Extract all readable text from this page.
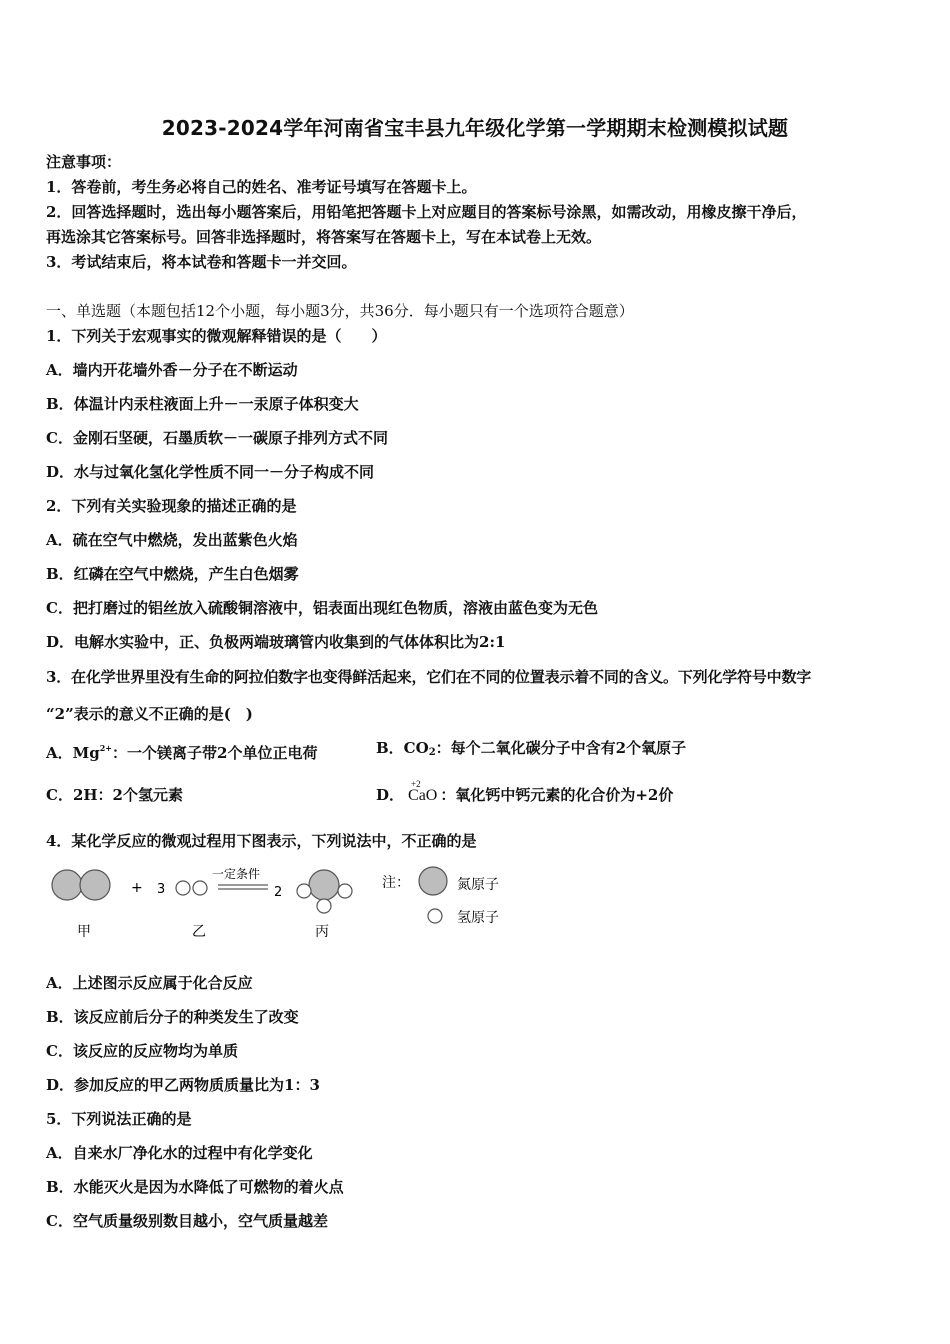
2023-2024学年河南省宝丰县九年级化学第一学期期末检测模拟试题
注意事项：
1．答卷前，考生务必将自己的姓名、准考证号填写在答题卡上。
2．回答选择题时，选出每小题答案后，用铅笔把答题卡上对应题目的答案标号涂黑，如需改动，用橡皮擦干净后，
再选涂其它答案标号。回答非选择题时，将答案写在答题卡上，写在本试卷上无效。
3．考试结束后，将本试卷和答题卡一并交回。
一、单选题（本题包括12个小题，每小题3分，共36分．每小题只有一个选项符合题意）
1．下列关于宏观事实的微观解释错误的是（　　）
A．墙内开花墙外香－分子在不断运动
B．体温计内汞柱液面上升－一汞原子体积变大
C．金刚石坚硬，石墨质软－一碳原子排列方式不同
D．水与过氧化氢化学性质不同一－分子构成不同
2．下列有关实验现象的描述正确的是
A．硫在空气中燃烧，发出蓝紫色火焰
B．红磷在空气中燃烧，产生白色烟雾
C．把打磨过的铝丝放入硫酸铜溶液中，铝表面出现红色物质，溶液由蓝色变为无色
D．电解水实验中，正、负极两端玻璃管内收集到的气体体积比为2:1
3．在化学世界里没有生命的阿拉伯数字也变得鲜活起来，它们在不同的位置表示着不同的含义。下列化学符号中数字
“2”表示的意义不正确的是(　)
A．$Mg^{2+}$：一个镁离子带2个单位正电荷	B．$CO_2$：每个二氧化碳分子中含有2个氧原子
C．2H：2个氢元素	D．
+2
CaO ：氧化钙中钙元素的化合价为+2价
4．某化学反应的微观过程用下图表示，下列说法中，不正确的是
+ 3
一定条件
2
甲	乙	丙
注：	氮原子
氢原子
A．上述图示反应属于化合反应
B．该反应前后分子的种类发生了改变
C．该反应的反应物均为单质
D．参加反应的甲乙两物质质量比为1：3
5．下列说法正确的是
A．自来水厂净化水的过程中有化学变化
B．水能灭火是因为水降低了可燃物的着火点
C．空气质量级别数目越小，空气质量越差
